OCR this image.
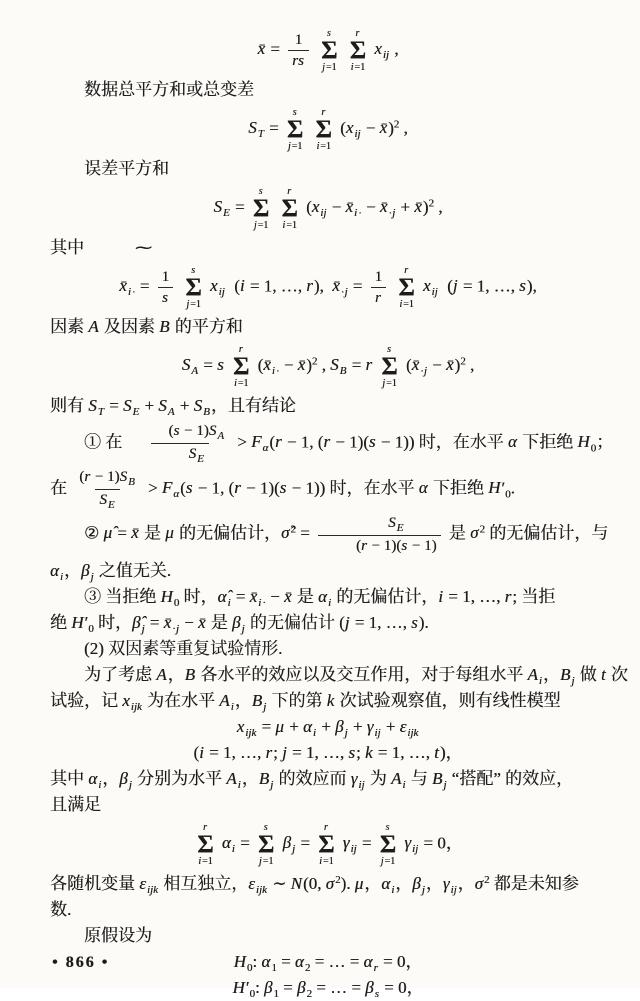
x̄ = $\frac{1}{rs}$
s
Σ
j=1

r
Σ
i=1
$x_{ij}$ ,
数据总平方和或总变差
$S_T$ =
s
Σ
j=1

r
Σ
i=1
($x_{ij}$ − x̄)$^2$ ,
误差平方和
$S_E$ =
s
Σ
j=1

r
Σ
i=1
($x_{ij}$ − $x̄_{i\cdot}$ − $x̄_{\cdot j}$ + x̄)$^2$ ,
其中   ⁓
$x̄_{i\cdot} = \frac{1}{s}$
s
Σ
j=1
$x_{ij}$ (i = 1, …, r), $x̄_{\cdot j} = \frac{1}{r}$
r
Σ
i=1
$x_{ij}$ (j = 1, …, s),
因素 A 及因素 B 的平方和
$S_A = s$
r
Σ
i=1
($x̄_{i\cdot}$ − x̄)$^2$ , $S_B = r$
s
Σ
j=1
($x̄_{\cdot j}$ − x̄)$^2$ ,
则有 $S_T = S_E + S_A + S_B$，且有结论
① 在 $\frac{(s - 1)S_A}{S_E} > F_\alpha(r - 1$, (r − 1)(s − 1)) 时，在水平 α 下拒绝 $H_0$；
在 $\frac{(r - 1)S_B}{S_E} > F_\alpha(s - 1$, (r − 1)(s − 1)) 时，在水平 α 下拒绝 $H'_0$.
② μ̂ = x̄ 是 μ 的无偏估计，σ̂$^2$ = $\frac{S_E}{(r - 1)(s - 1)}$ 是 $\sigma^2$ 的无偏估计，与
$\alpha_i$，$\beta_j$ 之值无关.
③ 当拒绝 $H_0$ 时，$\alphâ_i$ = $x̄_{i\cdot}$ − x̄ 是 $\alpha_i$ 的无偏估计，i = 1, …, r; 当拒
绝 $H'_0$ 时，$\betâ_j$ = $x̄_{\cdot j}$ − x̄ 是 $\beta_j$ 的无偏估计 (j = 1, …, s).
(2) 双因素等重复试验情形.
为了考虑 A，B 各水平的效应以及交互作用，对于每组水平 $A_i$，$B_j$ 做 t 次
试验，记 $x_{ijk}$ 为在水平 $A_i$，$B_j$ 下的第 k 次试验观察值，则有线性模型
$x_{ijk} = \mu + \alpha_i + \beta_j + \gamma_{ij} + \varepsilon_{ijk}$
(i = 1, …, r; j = 1, …, s; k = 1, …, t)，
其中 $\alpha_i$，$\beta_j$ 分别为水平 $A_i$，$B_j$ 的效应而 $\gamma_{ij}$ 为 $A_i$ 与 $B_j$ “搭配” 的效应，
且满足
r
Σ
i=1
$\alpha_i$ =
s
Σ
j=1
$\beta_j$ =
r
Σ
i=1
$\gamma_{ij}$ =
s
Σ
j=1
$\gamma_{ij} = 0$，
各随机变量 $\varepsilon_{ijk}$ 相互独立，$\varepsilon_{ijk}$ ∼ N(0, $\sigma^2$). μ，$\alpha_i$，$\beta_j$，$\gamma_{ij}$，$\sigma^2$ 都是未知参
数.
原假设为
$H_0$: $\alpha_1 = \alpha_2$ = … = $\alpha_r = 0$，
$H'_0$: $\beta_1 = \beta_2$ = … = $\beta_s = 0$，
• 866 •
